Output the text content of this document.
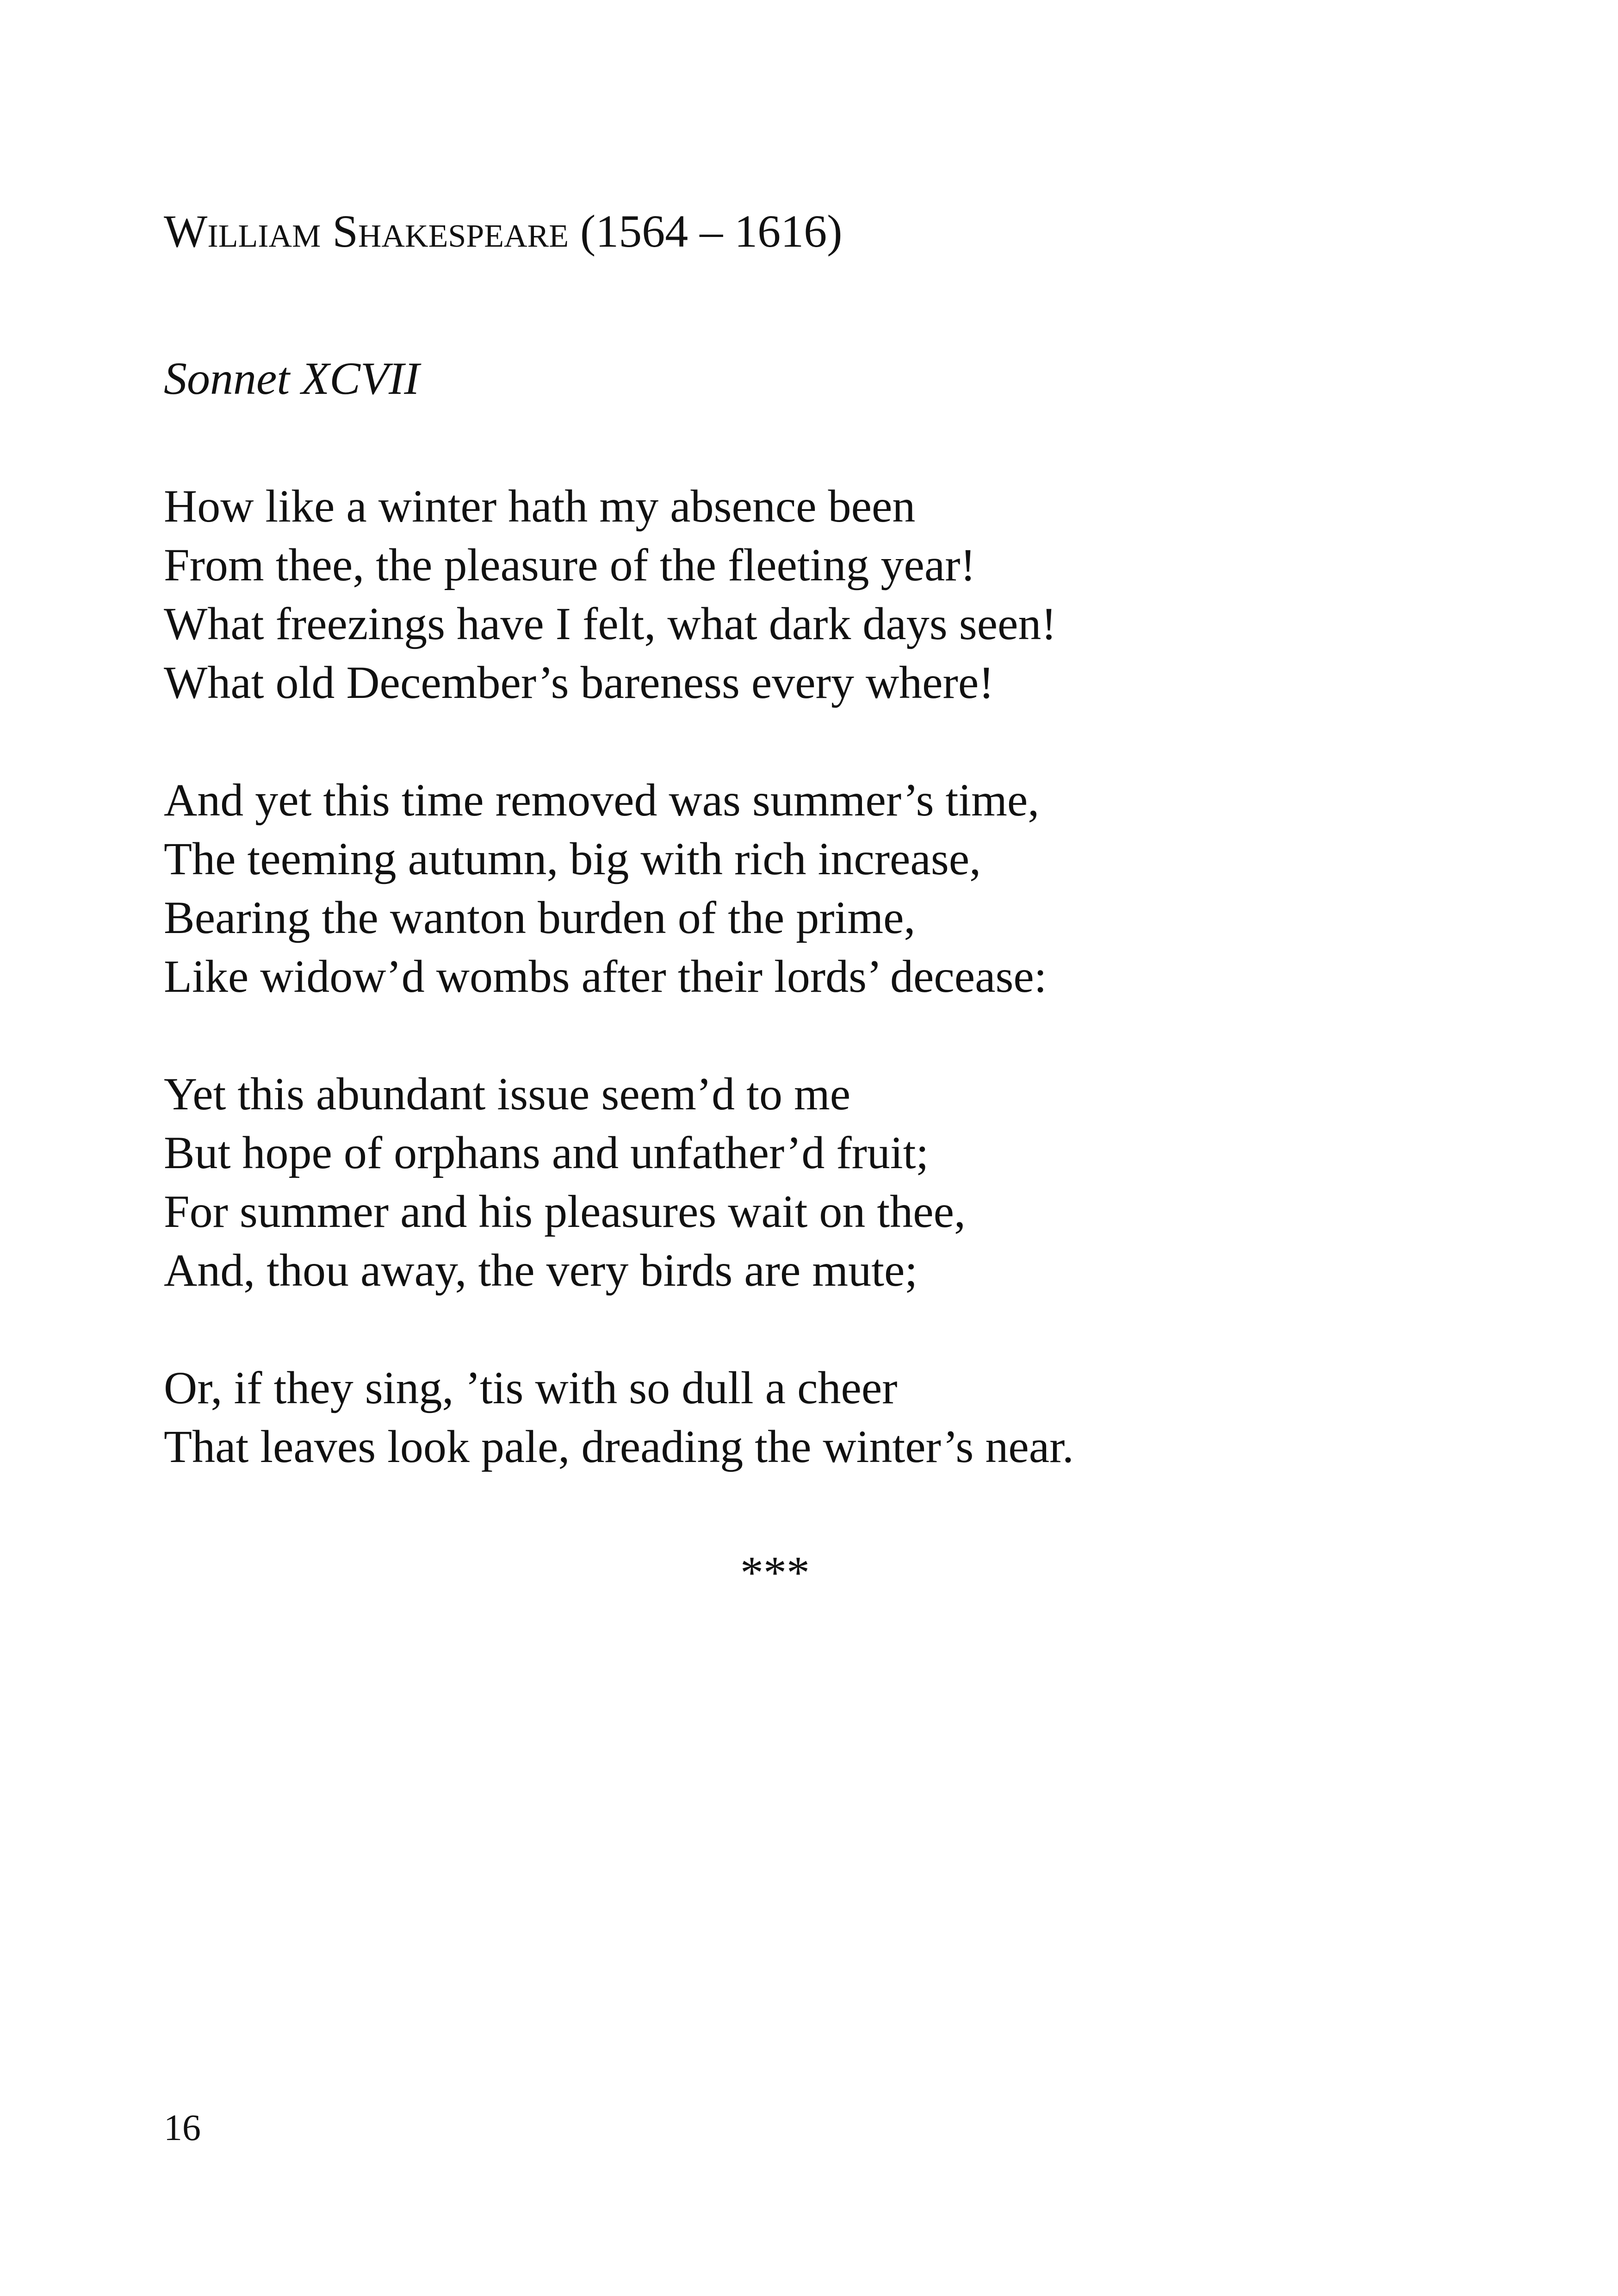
William Shakespeare (1564 – 1616)
Sonnet XCVII
How like a winter hath my absence been
From thee, the pleasure of the fleeting year!
What freezings have I felt, what dark days seen!
What old December’s bareness every where!
And yet this time removed was summer’s time,
The teeming autumn, big with rich increase,
Bearing the wanton burden of the prime,
Like widow’d wombs after their lords’ decease:
Yet this abundant issue seem’d to me
But hope of orphans and unfather’d fruit;
For summer and his pleasures wait on thee,
And, thou away, the very birds are mute;
Or, if they sing, ’tis with so dull a cheer
That leaves look pale, dreading the winter’s near.
***
16
